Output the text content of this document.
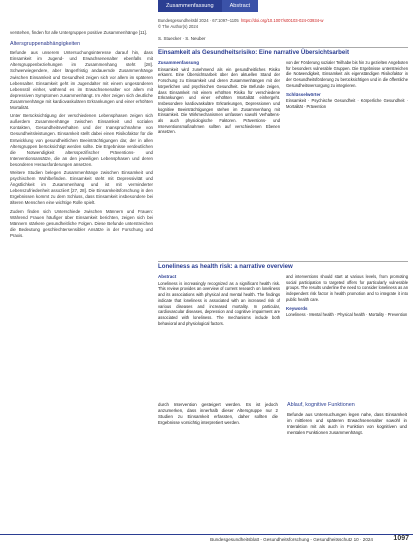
verstehen, finden für alle Untergruppen positive Zusammenhänge [11].

Altersgruppenabhängigkeiten

Befunde aus unserem Untersuchungsinteresse darauf hin, dass Einsamkeit im Jugend- und Erwachsenenalter ebenfalls mit Altersgruppenbeziehungen im Zusammenhang steht [28]. Schwerwiegendere, aber längerfristig andauernde Zusammenhänge zwischen Einsamkeit und Gesundheit zeigen sich vor allem im späteren Lebensalter. Einsamkeit geht im Jugendalter mit einem ungesünderen Lebensstil einher, während es im Erwachsenenalter vor allem mit depressiven Symptomen zusammenhängt. Im Alter zeigen sich deutliche Zusammenhänge mit kardiovaskulären Erkrankungen und einer erhöhten Mortalität.

Unter Berücksichtigung der verschiedenen Lebensphasen zeigen sich außerdem Zusammenhänge zwischen Einsamkeit und sozialen Kontakten, Gesundheitsverhalten und der Inanspruchnahme von Gesundheitsleistungen. Einsamkeit stellt dabei einen Risikofaktor für die Entwicklung von gesundheitlichen Beeinträchtigungen dar, der in allen Altersgruppen berücksichtigt werden sollte. Die Ergebnisse verdeutlichen die Notwendigkeit altersspezifischer Präventions- und Interventionsansätze, die an den jeweiligen Lebensphasen und deren besonderen Herausforderungen ansetzen.

Weitere Studien belegen Zusammenhänge zwischen Einsamkeit und psychischem Wohlbefinden. Einsamkeit steht mit Depressivität und Ängstlichkeit im Zusammenhang und ist mit verminderter Lebenszufriedenheit assoziiert [27, 28]. Die Einsamkeitsforschung in den Ergebnissen kommt zu dem Schluss, dass Einsamkeit insbesondere bei älteren Menschen eine wichtige Rolle spielt.

Zudem finden sich Unterschiede zwischen Männern und Frauen: Während Frauen häufiger über Einsamkeit berichten, zeigen sich bei Männern stärkere gesundheitliche Folgen. Diese Befunde unterstreichen die Bedeutung geschlechtersensibler Ansätze in der Forschung und Praxis.

Zusammenfassung	Abstract
Bundesgesundheitsbl 2024 · 67:1097–1105 https://doi.org/10.1007/s00103-024-03934-w
© The Author(s) 2024
S. Stuecker · S. Neuber
Einsamkeit als Gesundheitsrisiko: Eine narrative Übersichtsarbeit
Zusammenfassung

Einsamkeit wird zunehmend als ein gesundheitliches Risiko erkannt. Eine Übersichtsarbeit über den aktuellen Stand der Forschung zu Einsamkeit und deren Zusammenhängen mit der körperlichen und psychischen Gesundheit. Die Befunde zeigen, dass Einsamkeit mit einem erhöhten Risiko für verschiedene Erkrankungen und einer erhöhten Mortalität einhergeht. Insbesondere kardiovaskuläre Erkrankungen, Depressionen und kognitive Beeinträchtigungen stehen im Zusammenhang mit Einsamkeit. Die Wirkmechanismen umfassen sowohl Verhaltens- als auch physiologische Faktoren. Präventions- und Interventionsmaßnahmen sollten auf verschiedenen Ebenen ansetzen.

von der Förderung sozialer Teilhabe bis hin zu gezielten Angeboten für besonders vulnerable Gruppen. Die Ergebnisse unterstreichen die Notwendigkeit, Einsamkeit als eigenständigen Risikofaktor in der Gesundheitsförderung zu berücksichtigen und in die öffentliche Gesundheitsversorgung zu integrieren.

Schlüsselwörter

Einsamkeit · Psychische Gesundheit · Körperliche Gesundheit · Mortalität · Prävention

Loneliness as health risk: a narrative overview
Abstract

Loneliness is increasingly recognized as a significant health risk. This review provides an overview of current research on loneliness and its associations with physical and mental health. The findings indicate that loneliness is associated with an increased risk of various diseases and increased mortality. In particular, cardiovascular diseases, depression and cognitive impairment are associated with loneliness. The mechanisms include both behavioral and physiological factors.

and interventions should start at various levels, from promoting social participation to targeted offers for particularly vulnerable groups. The results underline the need to consider loneliness as an independent risk factor in health promotion and to integrate it into public health care.

Keywords

Loneliness · Mental health · Physical health · Mortality · Prevention

durch Intervention gesteigert werden. Es ist jedoch anzumerken, dass innerhalb dieser Altersgruppe nur 2 Studien zu Einsamkeit erfassten, daher sollten die Ergebnisse vorsichtig interpretiert werden.

Ablauf, kognitive Funktionen

Befunde aus Untersuchungen legen nahe, dass Einsamkeit im mittleren und späteren Erwachsenenalter sowohl in Interaktion mit als auch in Funktion von kognitiven und mentalen Funktionen zusammenhängt.

Bundesgesundheitsblatt - Gesundheitsforschung - Gesundheitsschutz 10 · 2024	1097
